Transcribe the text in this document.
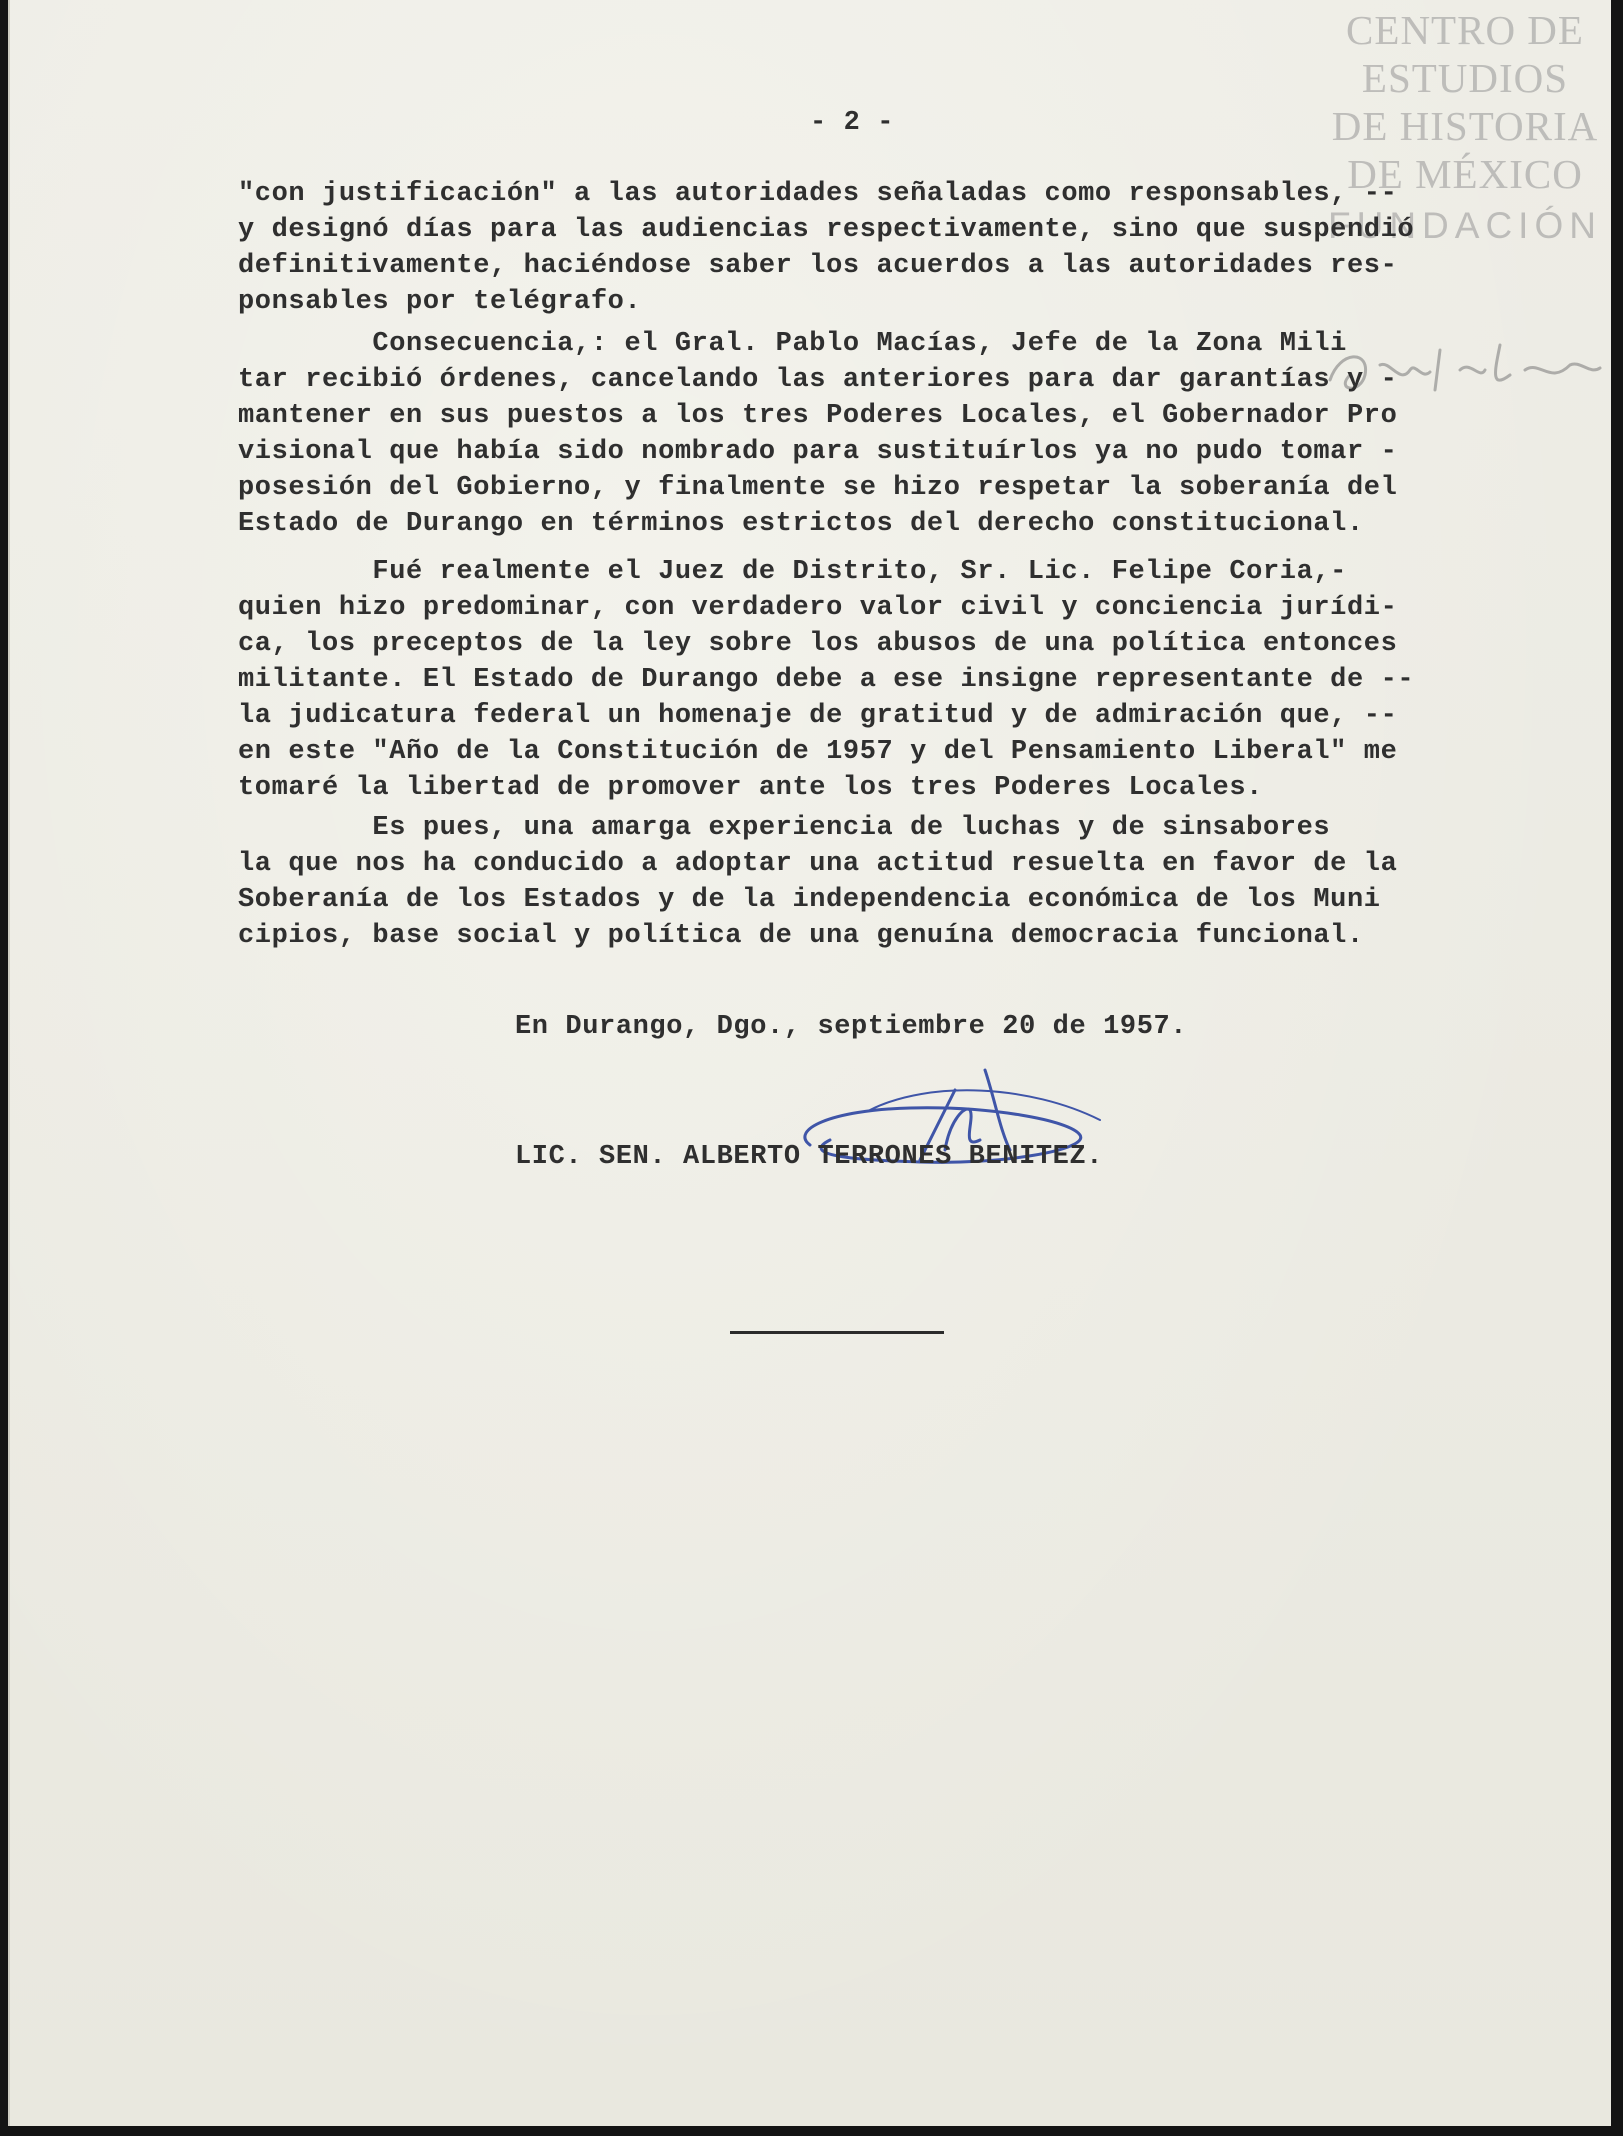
CENTRO DE
ESTUDIOS
DE HISTORIA
DE MÉXICO
FUNDACIÓN
- 2 -
"con justificación" a las autoridades señaladas como responsables, --
y designó días para las audiencias respectivamente, sino que suspendió
definitivamente, haciéndose saber los acuerdos a las autoridades res-
ponsables por telégrafo.
Consecuencia,: el Gral. Pablo Macías, Jefe de la Zona Mili
tar recibió órdenes, cancelando las anteriores para dar garantías y -
mantener en sus puestos a los tres Poderes Locales, el Gobernador Pro
visional que había sido nombrado para sustituírlos ya no pudo tomar -
posesión del Gobierno, y finalmente se hizo respetar la soberanía del
Estado de Durango en términos estrictos del derecho constitucional.
Fué realmente el Juez de Distrito, Sr. Lic. Felipe Coria,-
quien hizo predominar, con verdadero valor civil y conciencia jurídi-
ca, los preceptos de la ley sobre los abusos de una política entonces
militante. El Estado de Durango debe a ese insigne representante de --
la judicatura federal un homenaje de gratitud y de admiración que, --
en este "Año de la Constitución de 1957 y del Pensamiento Liberal" me
tomaré la libertad de promover ante los tres Poderes Locales.
Es pues, una amarga experiencia de luchas y de sinsabores
la que nos ha conducido a adoptar una actitud resuelta en favor de la
Soberanía de los Estados y de la independencia económica de los Muni
cipios, base social y política de una genuína democracia funcional.
En Durango, Dgo., septiembre 20 de 1957.
LIC. SEN. ALBERTO TERRONES BENITEZ.
